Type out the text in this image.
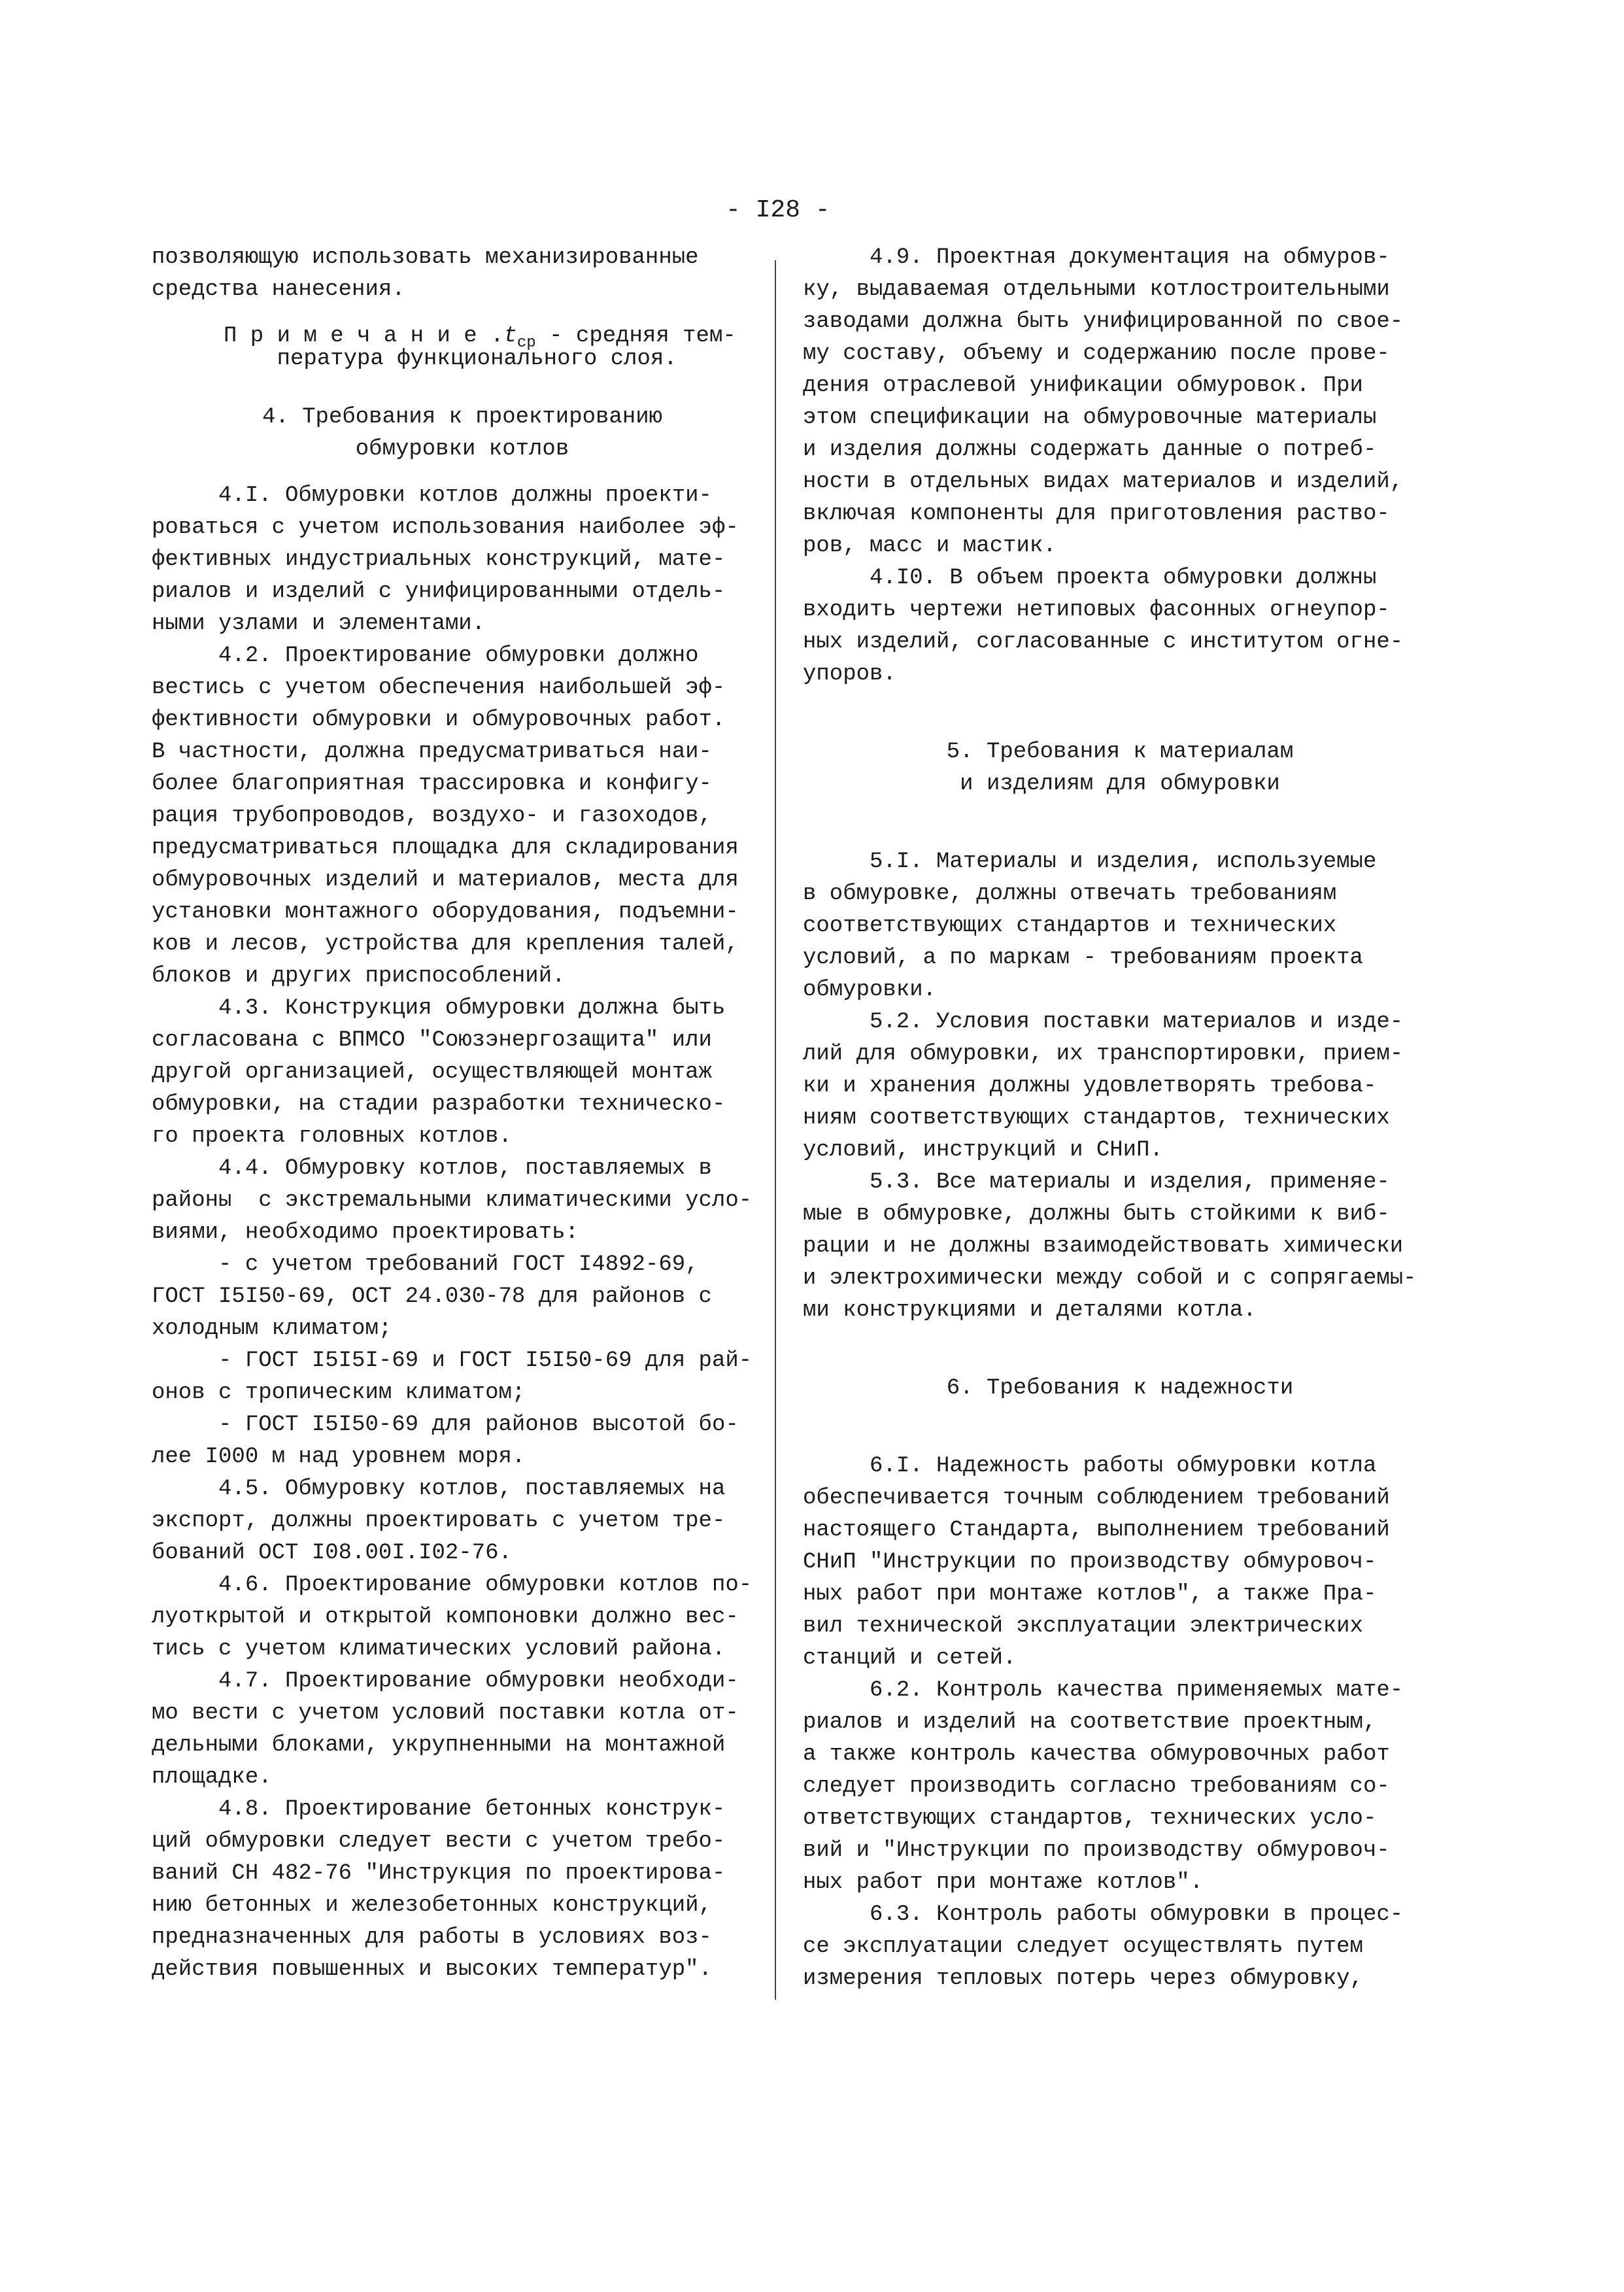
- I28 -
позволяющую использовать механизированные
средства нанесения.
П р и м е ч а н и е $.t_{ср}$ - средняя тем-
пература функционального слоя.
4. Требования к проектированию
обмуровки котлов
4.I. Обмуровки котлов должны проекти-
роваться с учетом использования наиболее эф-
фективных индустриальных конструкций, мате-
риалов и изделий с унифицированными отдель-
ными узлами и элементами.
4.2. Проектирование обмуровки должно
вестись с учетом обеспечения наибольшей эф-
фективности обмуровки и обмуровочных работ.
В частности, должна предусматриваться наи-
более благоприятная трассировка и конфигу-
рация трубопроводов, воздухо- и газоходов,
предусматриваться площадка для складирования
обмуровочных изделий и материалов, места для
установки монтажного оборудования, подъемни-
ков и лесов, устройства для крепления талей,
блоков и других приспособлений.
4.3. Конструкция обмуровки должна быть
согласована с ВПМСО "Союзэнергозащита" или
другой организацией, осуществляющей монтаж
обмуровки, на стадии разработки техническо-
го проекта головных котлов.
4.4. Обмуровку котлов, поставляемых в
районы  с экстремальными климатическими усло-
виями, необходимо проектировать:
- с учетом требований ГОСТ I4892-69,
ГОСТ I5I50-69, ОСТ 24.030-78 для районов с
холодным климатом;
- ГОСТ I5I5I-69 и ГОСТ I5I50-69 для рай-
онов с тропическим климатом;
- ГОСТ I5I50-69 для районов высотой бо-
лее I000 м над уровнем моря.
4.5. Обмуровку котлов, поставляемых на
экспорт, должны проектировать с учетом тре-
бований ОСТ I08.00I.I02-76.
4.6. Проектирование обмуровки котлов по-
луоткрытой и открытой компоновки должно вес-
тись с учетом климатических условий района.
4.7. Проектирование обмуровки необходи-
мо вести с учетом условий поставки котла от-
дельными блоками, укрупненными на монтажной
площадке.
4.8. Проектирование бетонных конструк-
ций обмуровки следует вести с учетом требо-
ваний СН 482-76 "Инструкция по проектирова-
нию бетонных и железобетонных конструкций,
предназначенных для работы в условиях воз-
действия повышенных и высоких температур".
4.9. Проектная документация на обмуров-
ку, выдаваемая отдельными котлостроительными
заводами должна быть унифицированной по свое-
му составу, объему и содержанию после прове-
дения отраслевой унификации обмуровок. При
этом спецификации на обмуровочные материалы
и изделия должны содержать данные о потреб-
ности в отдельных видах материалов и изделий,
включая компоненты для приготовления раство-
ров, масс и мастик.
4.I0. В объем проекта обмуровки должны
входить чертежи нетиповых фасонных огнеупор-
ных изделий, согласованные с институтом огне-
упоров.
5. Требования к материалам
и изделиям для обмуровки
5.I. Материалы и изделия, используемые
в обмуровке, должны отвечать требованиям
соответствующих стандартов и технических
условий, а по маркам - требованиям проекта
обмуровки.
5.2. Условия поставки материалов и изде-
лий для обмуровки, их транспортировки, прием-
ки и хранения должны удовлетворять требова-
ниям соответствующих стандартов, технических
условий, инструкций и СНиП.
5.3. Все материалы и изделия, применяе-
мые в обмуровке, должны быть стойкими к виб-
рации и не должны взаимодействовать химически
и электрохимически между собой и с сопрягаемы-
ми конструкциями и деталями котла.
6. Требования к надежности
6.I. Надежность работы обмуровки котла
обеспечивается точным соблюдением требований
настоящего Стандарта, выполнением требований
СНиП "Инструкции по производству обмуровоч-
ных работ при монтаже котлов", а также Пра-
вил технической эксплуатации электрических
станций и сетей.
6.2. Контроль качества применяемых мате-
риалов и изделий на соответствие проектным,
а также контроль качества обмуровочных работ
следует производить согласно требованиям со-
ответствующих стандартов, технических усло-
вий и "Инструкции по производству обмуровоч-
ных работ при монтаже котлов".
6.3. Контроль работы обмуровки в процес-
се эксплуатации следует осуществлять путем
измерения тепловых потерь через обмуровку,
